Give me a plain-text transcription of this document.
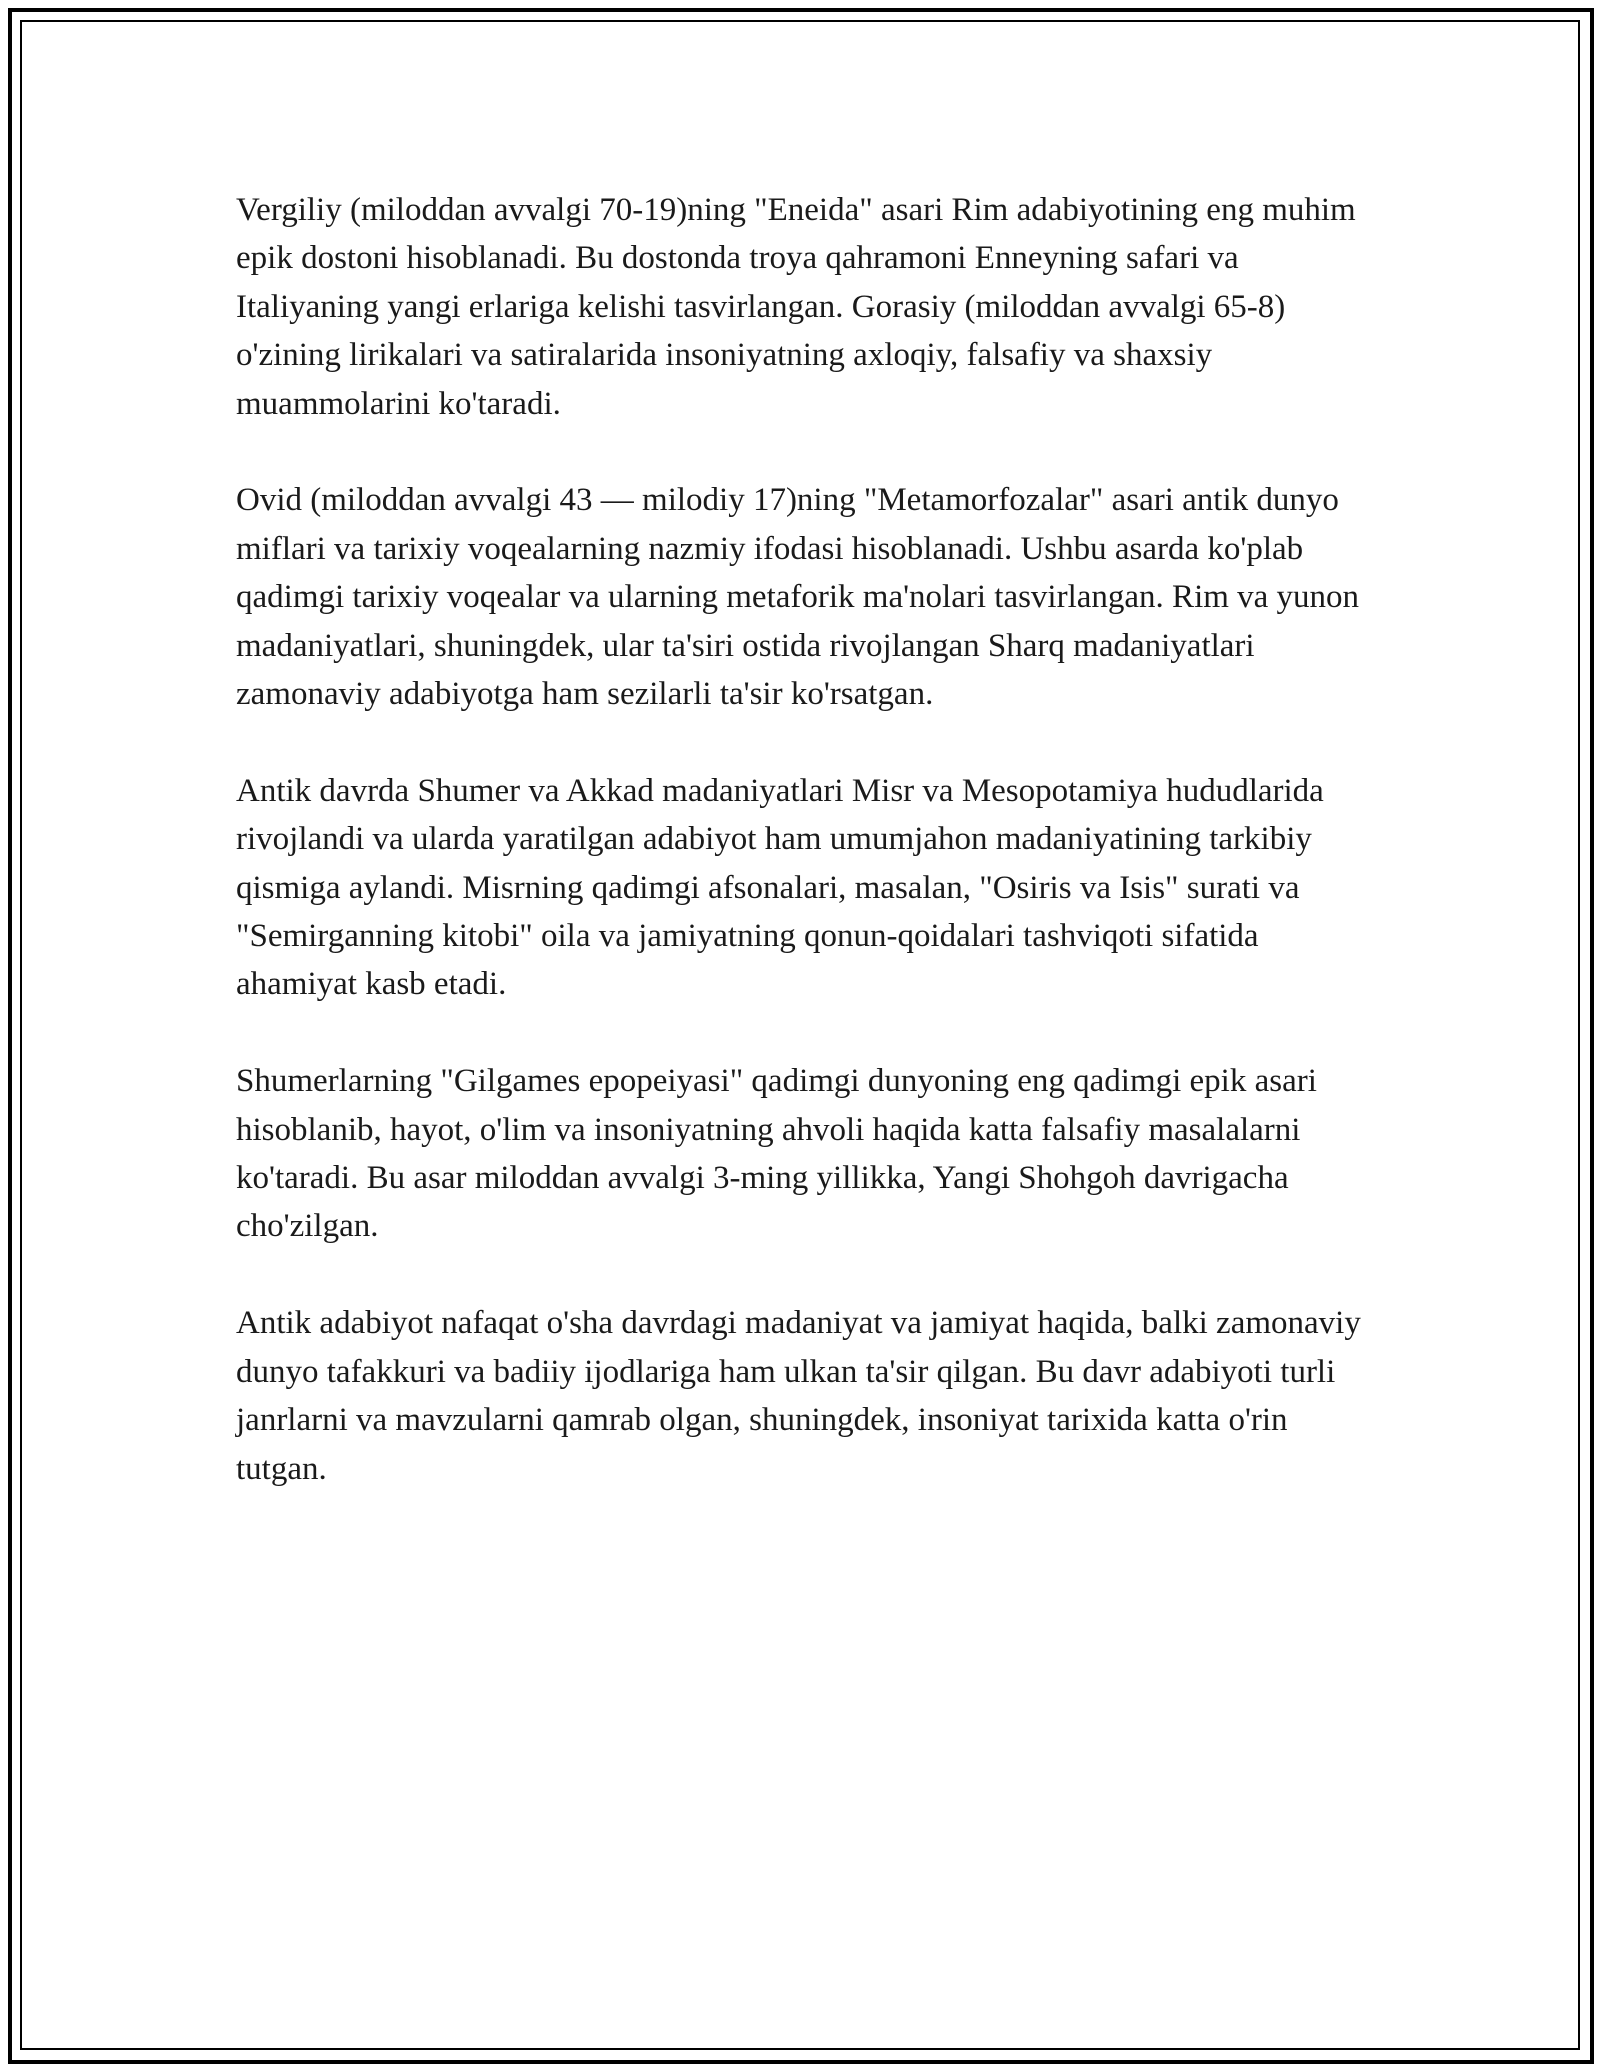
Vergiliy (miloddan avvalgi 70-19)ning "Eneida" asari Rim adabiyotining eng muhim epik dostoni hisoblanadi. Bu dostonda troya qahramoni Enneyning safari va Italiyaning yangi erlariga kelishi tasvirlangan. Gorasiy (miloddan avvalgi 65-8) o'zining lirikalari va satiralarida insoniyatning axloqiy, falsafiy va shaxsiy muammolarini ko'taradi.

Ovid (miloddan avvalgi 43 — milodiy 17)ning "Metamorfozalar" asari antik dunyo miflari va tarixiy voqealarning nazmiy ifodasi hisoblanadi. Ushbu asarda ko'plab qadimgi tarixiy voqealar va ularning metaforik ma'nolari tasvirlangan. Rim va yunon madaniyatlari, shuningdek, ular ta'siri ostida rivojlangan Sharq madaniyatlari zamonaviy adabiyotga ham sezilarli ta'sir ko'rsatgan.

Antik davrda Shumer va Akkad madaniyatlari Misr va Mesopotamiya hududlarida rivojlandi va ularda yaratilgan adabiyot ham umumjahon madaniyatining tarkibiy qismiga aylandi. Misrning qadimgi afsonalari, masalan, "Osiris va Isis" surati va "Semirganning kitobi" oila va jamiyatning qonun-qoidalari tashviqoti sifatida ahamiyat kasb etadi.

Shumerlarning "Gilgames epopeiyasi" qadimgi dunyoning eng qadimgi epik asari hisoblanib, hayot, o'lim va insoniyatning ahvoli haqida katta falsafiy masalalarni ko'taradi. Bu asar miloddan avvalgi 3-ming yillikka, Yangi Shohgoh davrigacha cho'zilgan.

Antik adabiyot nafaqat o'sha davrdagi madaniyat va jamiyat haqida, balki zamonaviy dunyo tafakkuri va badiiy ijodlariga ham ulkan ta'sir qilgan. Bu davr adabiyoti turli janrlarni va mavzularni qamrab olgan, shuningdek, insoniyat tarixida katta o'rin tutgan.
